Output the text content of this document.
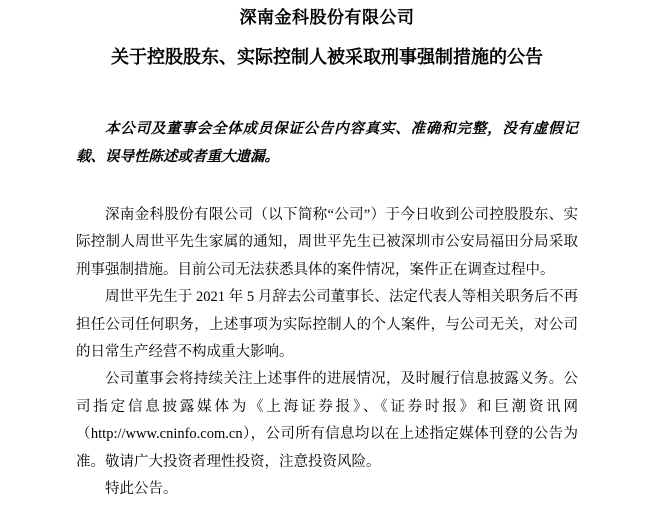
深南金科股份有限公司
关于控股股东、实际控制人被采取刑事强制措施的公告

本公司及董事会全体成员保证公告内容真实、准确和完整，没有虚假记载、误导性陈述或者重大遗漏。

深南金科股份有限公司（以下简称“公司”）于今日收到公司控股股东、实际控制人周世平先生家属的通知，周世平先生已被深圳市公安局福田分局采取刑事强制措施。目前公司无法获悉具体的案件情况，案件正在调查过程中。

周世平先生于 2021 年 5 月辞去公司董事长、法定代表人等相关职务后不再担任公司任何职务，上述事项为实际控制人的个人案件，与公司无关，对公司的日常生产经营不构成重大影响。

公司董事会将持续关注上述事件的进展情况，及时履行信息披露义务。公司指定信息披露媒体为《上海证券报》、《证券时报》和巨潮资讯网（http://www.cninfo.com.cn），公司所有信息均以在上述指定媒体刊登的公告为准。敬请广大投资者理性投资，注意投资风险。

特此公告。
